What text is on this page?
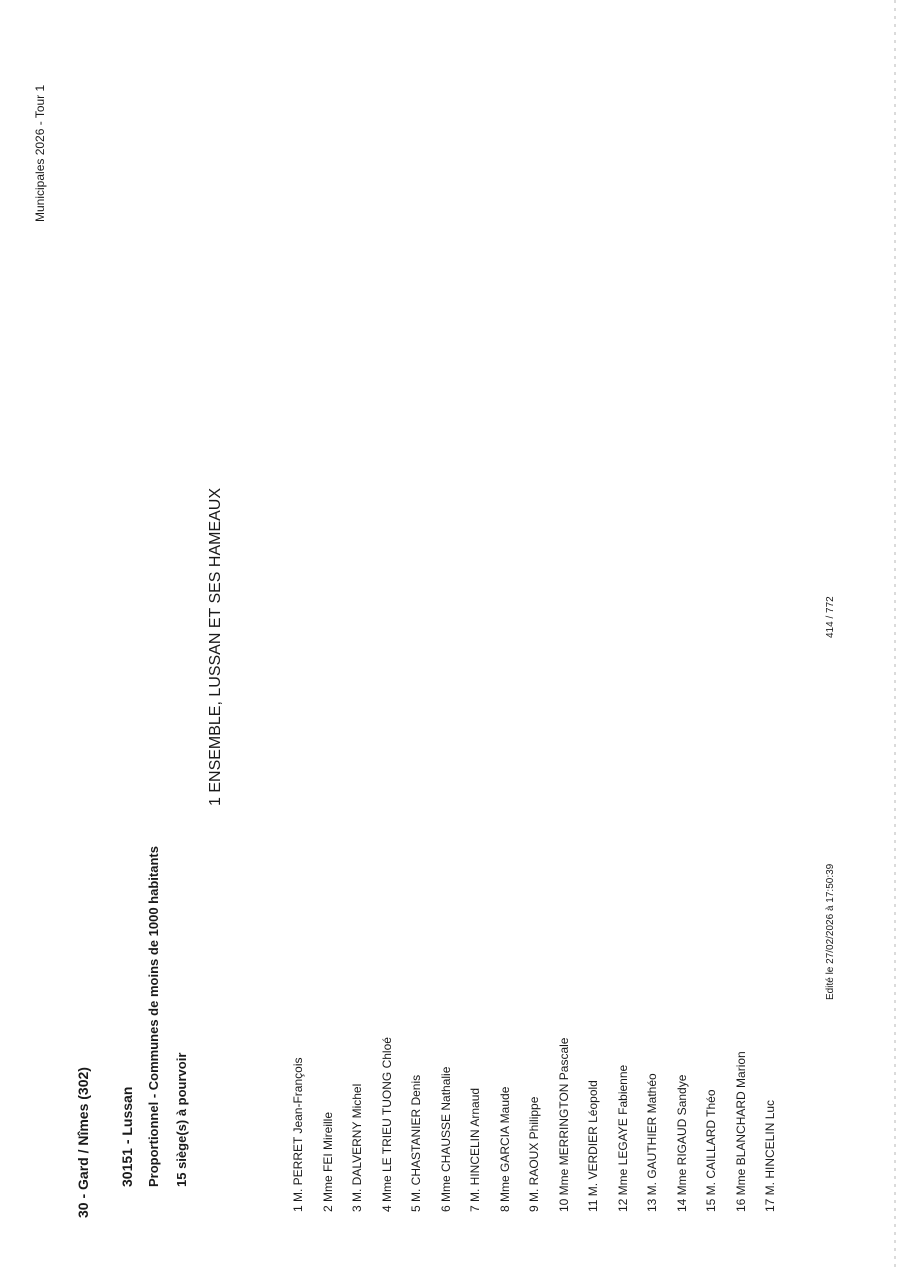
30 - Gard / Nîmes (302) 30151 - Lussan Proportionnel - Communes de moins de 1000 habitants 15 siège(s) à pourvoir
1 ENSEMBLE, LUSSAN ET SES HAMEAUX
1 M. PERRET Jean-François 2 Mme FEI Mireille 3 M. DALVERNY Michel 4 Mme LE TRIEU TUONG Chloé 5 M. CHASTANIER Denis 6 Mme CHAUSSE Nathalie 7 M. HINCELIN Arnaud 8 Mme GARCIA Maude 9 M. RAOUX Philippe 10 Mme MERRINGTON Pascale 11 M. VERDIER Léopold 12 Mme LEGAYE Fabienne 13 M. GAUTHIER Mathéo 14 Mme RIGAUD Sandye 15 M. CAILLARD Théo 16 Mme BLANCHARD Marion 17 M. HINCELIN Luc
414 / 772
Edité le 27/02/2026 à 17:50:39
Municipales 2026 - Tour 1
